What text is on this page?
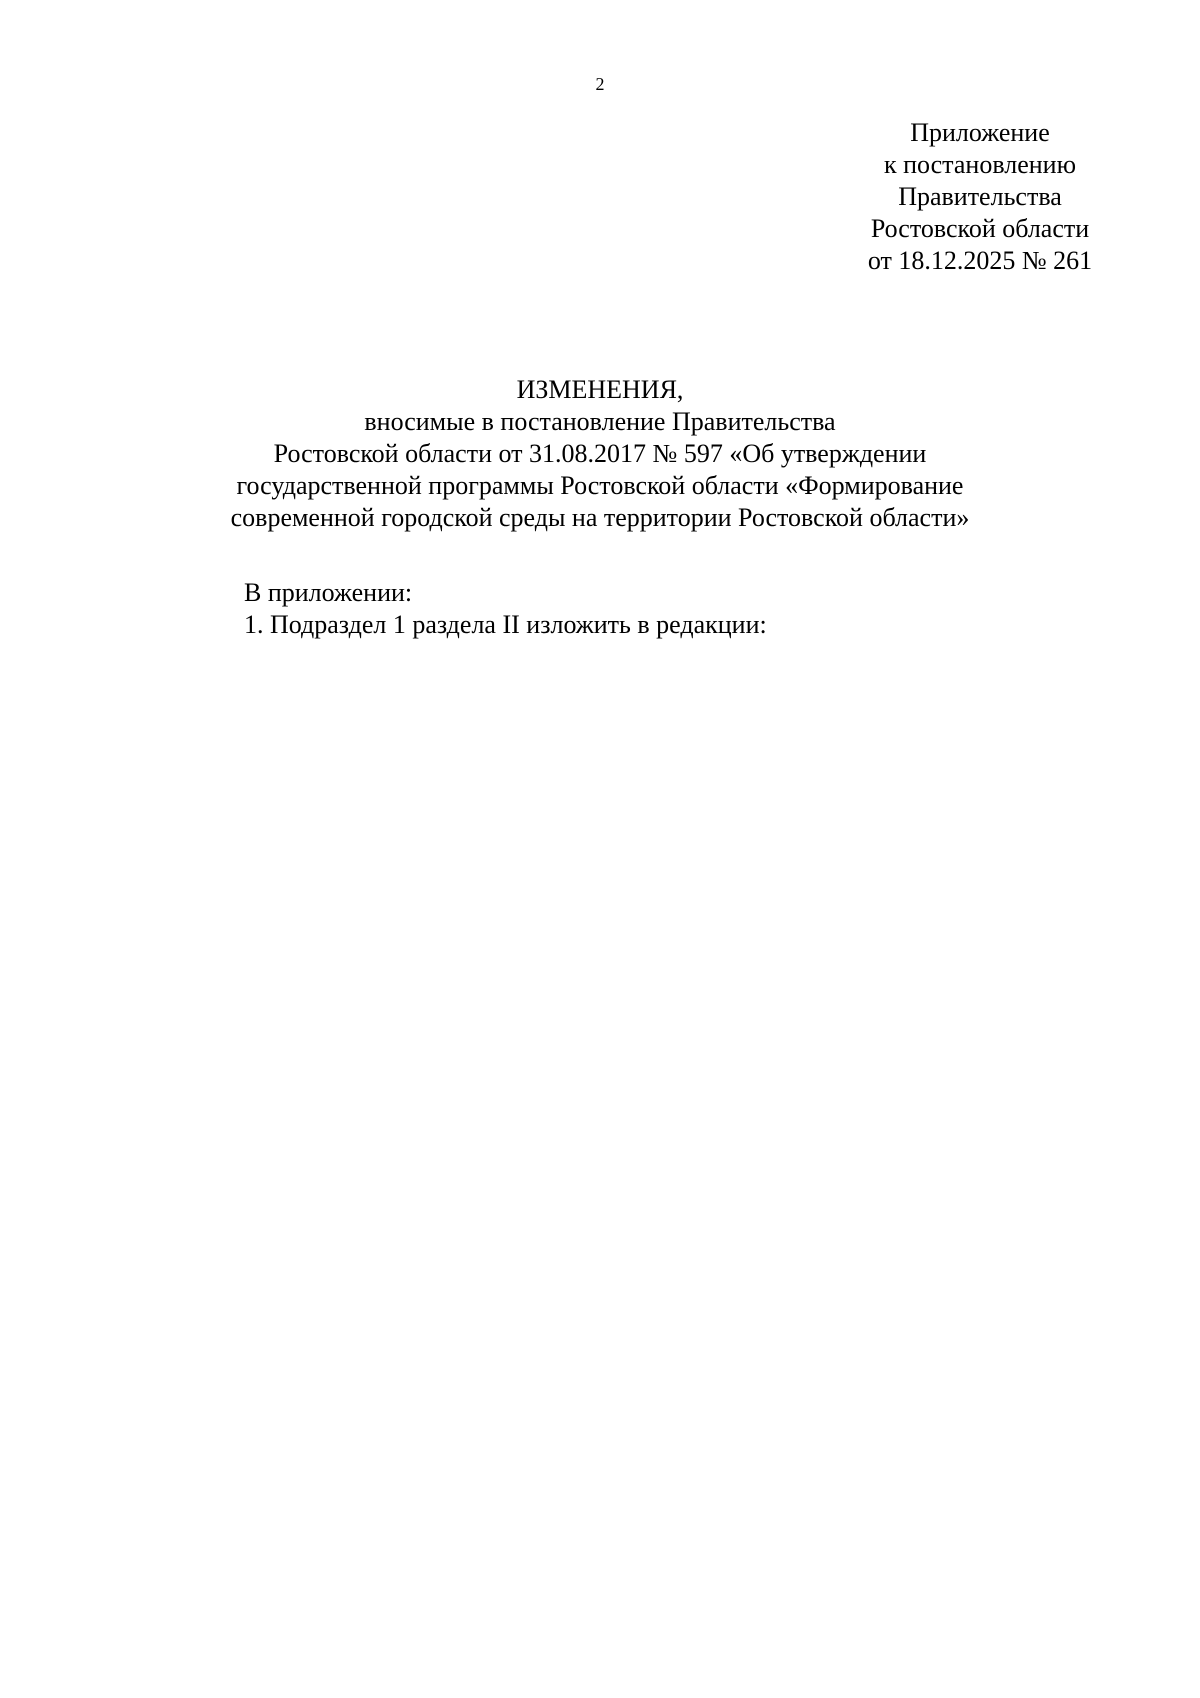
2
Приложение
к постановлению
Правительства
Ростовской области
от 18.12.2025 № 261
ИЗМЕНЕНИЯ,
вносимые в постановление Правительства
Ростовской области от 31.08.2017 № 597 «Об утверждении
государственной программы Ростовской области «Формирование
современной городской среды на территории Ростовской области»
В приложении:
1. Подраздел 1 раздела II изложить в редакции:
